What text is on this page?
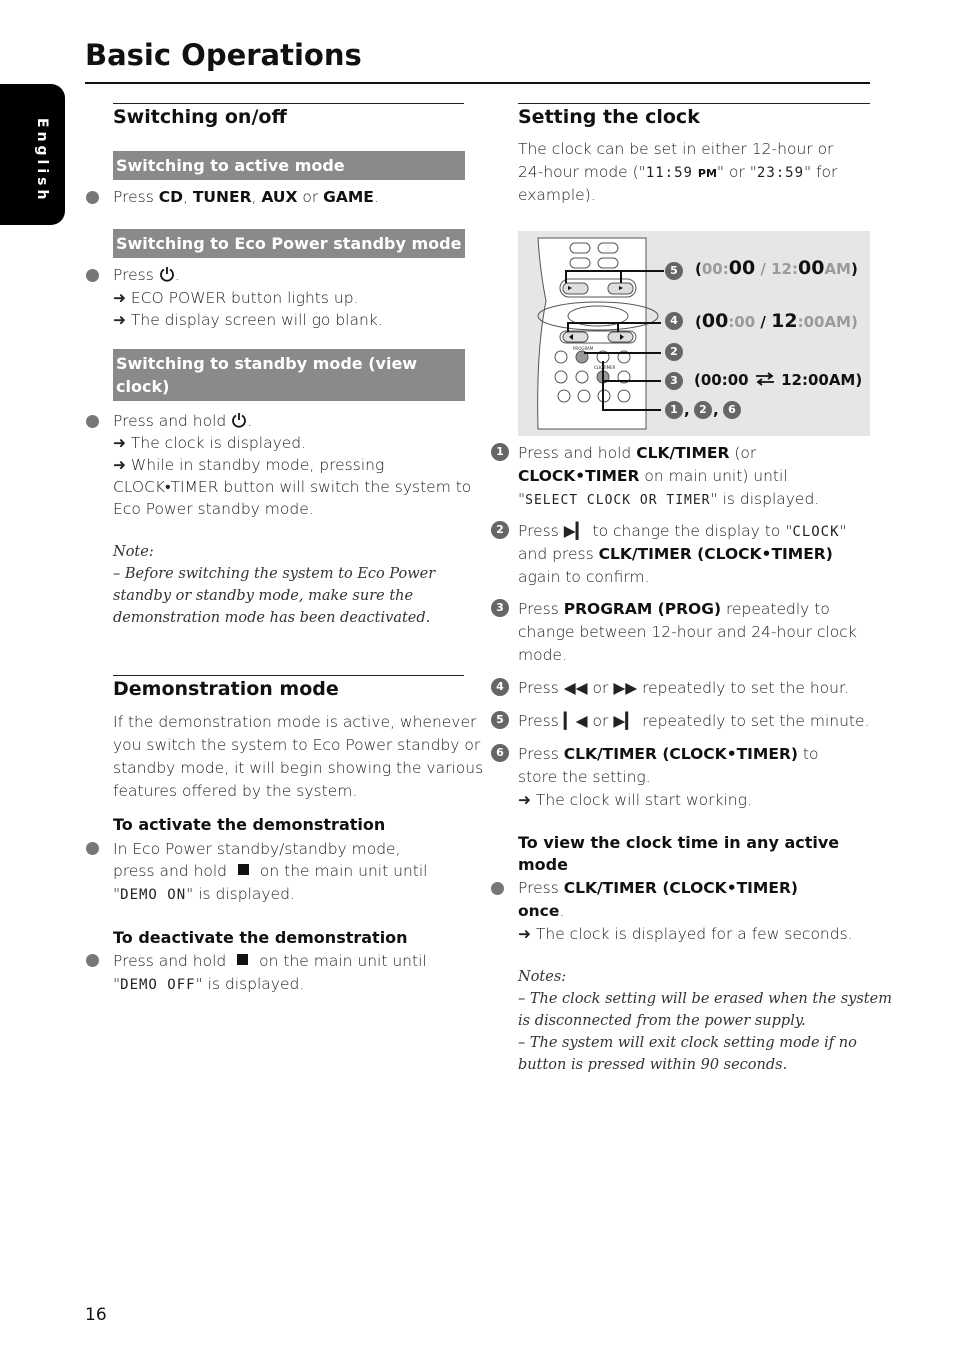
Basic Operations
English
Switching on/off
Switching to active mode
Press CD, TUNER, AUX or GAME.
Switching to Eco Power standby mode
Press .
➜ ECO POWER button lights up.
➜ The display screen will go blank.
Switching to standby mode (view
clock)
Press and hold .
➜ The clock is displayed.
➜ While in standby mode, pressing
CLOCK•TIMER button will switch the system to
Eco Power standby mode.
Note:
– Before switching the system to Eco Power
standby or standby mode, make sure the
demonstration mode has been deactivated.
Demonstration mode
If the demonstration mode is active, whenever
you switch the system to Eco Power standby or
standby mode, it will begin showing the various
features offered by the system.
To activate the demonstration
In Eco Power standby/standby mode,
press and hold on the main unit until
"DEMO ON" is displayed.
To deactivate the demonstration
Press and hold on the main unit until
"DEMO OFF" is displayed.
Setting the clock
The clock can be set in either 12-hour or
24-hour mode ("11:59 PM" or "23:59" for
example).
PROGRAM
CLK/TIMER
5	(00:00 / 12:00AM)
4	(00:00 / 12:00AM)
2
3	(00:00 12:00AM)
1 , 2 , 6
1 Press and hold CLK/TIMER (or
CLOCK•TIMER on main unit) until
"SELECT CLOCK OR TIMER" is displayed.
2 Press ▶▎ to change the display to "CLOCK"
and press CLK/TIMER (CLOCK•TIMER)
again to confirm.
3 Press PROGRAM (PROG) repeatedly to
change between 12-hour and 24-hour clock
mode.
4 Press ◀◀ or ▶▶ repeatedly to set the hour.
5 Press ▎◀ or ▶▎ repeatedly to set the minute.
6 Press CLK/TIMER (CLOCK•TIMER) to
store the setting.
➜ The clock will start working.
To view the clock time in any active
mode
Press CLK/TIMER (CLOCK•TIMER)
once.
➜ The clock is displayed for a few seconds.
Notes:
– The clock setting will be erased when the system
is disconnected from the power supply.
– The system will exit clock setting mode if no
button is pressed within 90 seconds.
16
